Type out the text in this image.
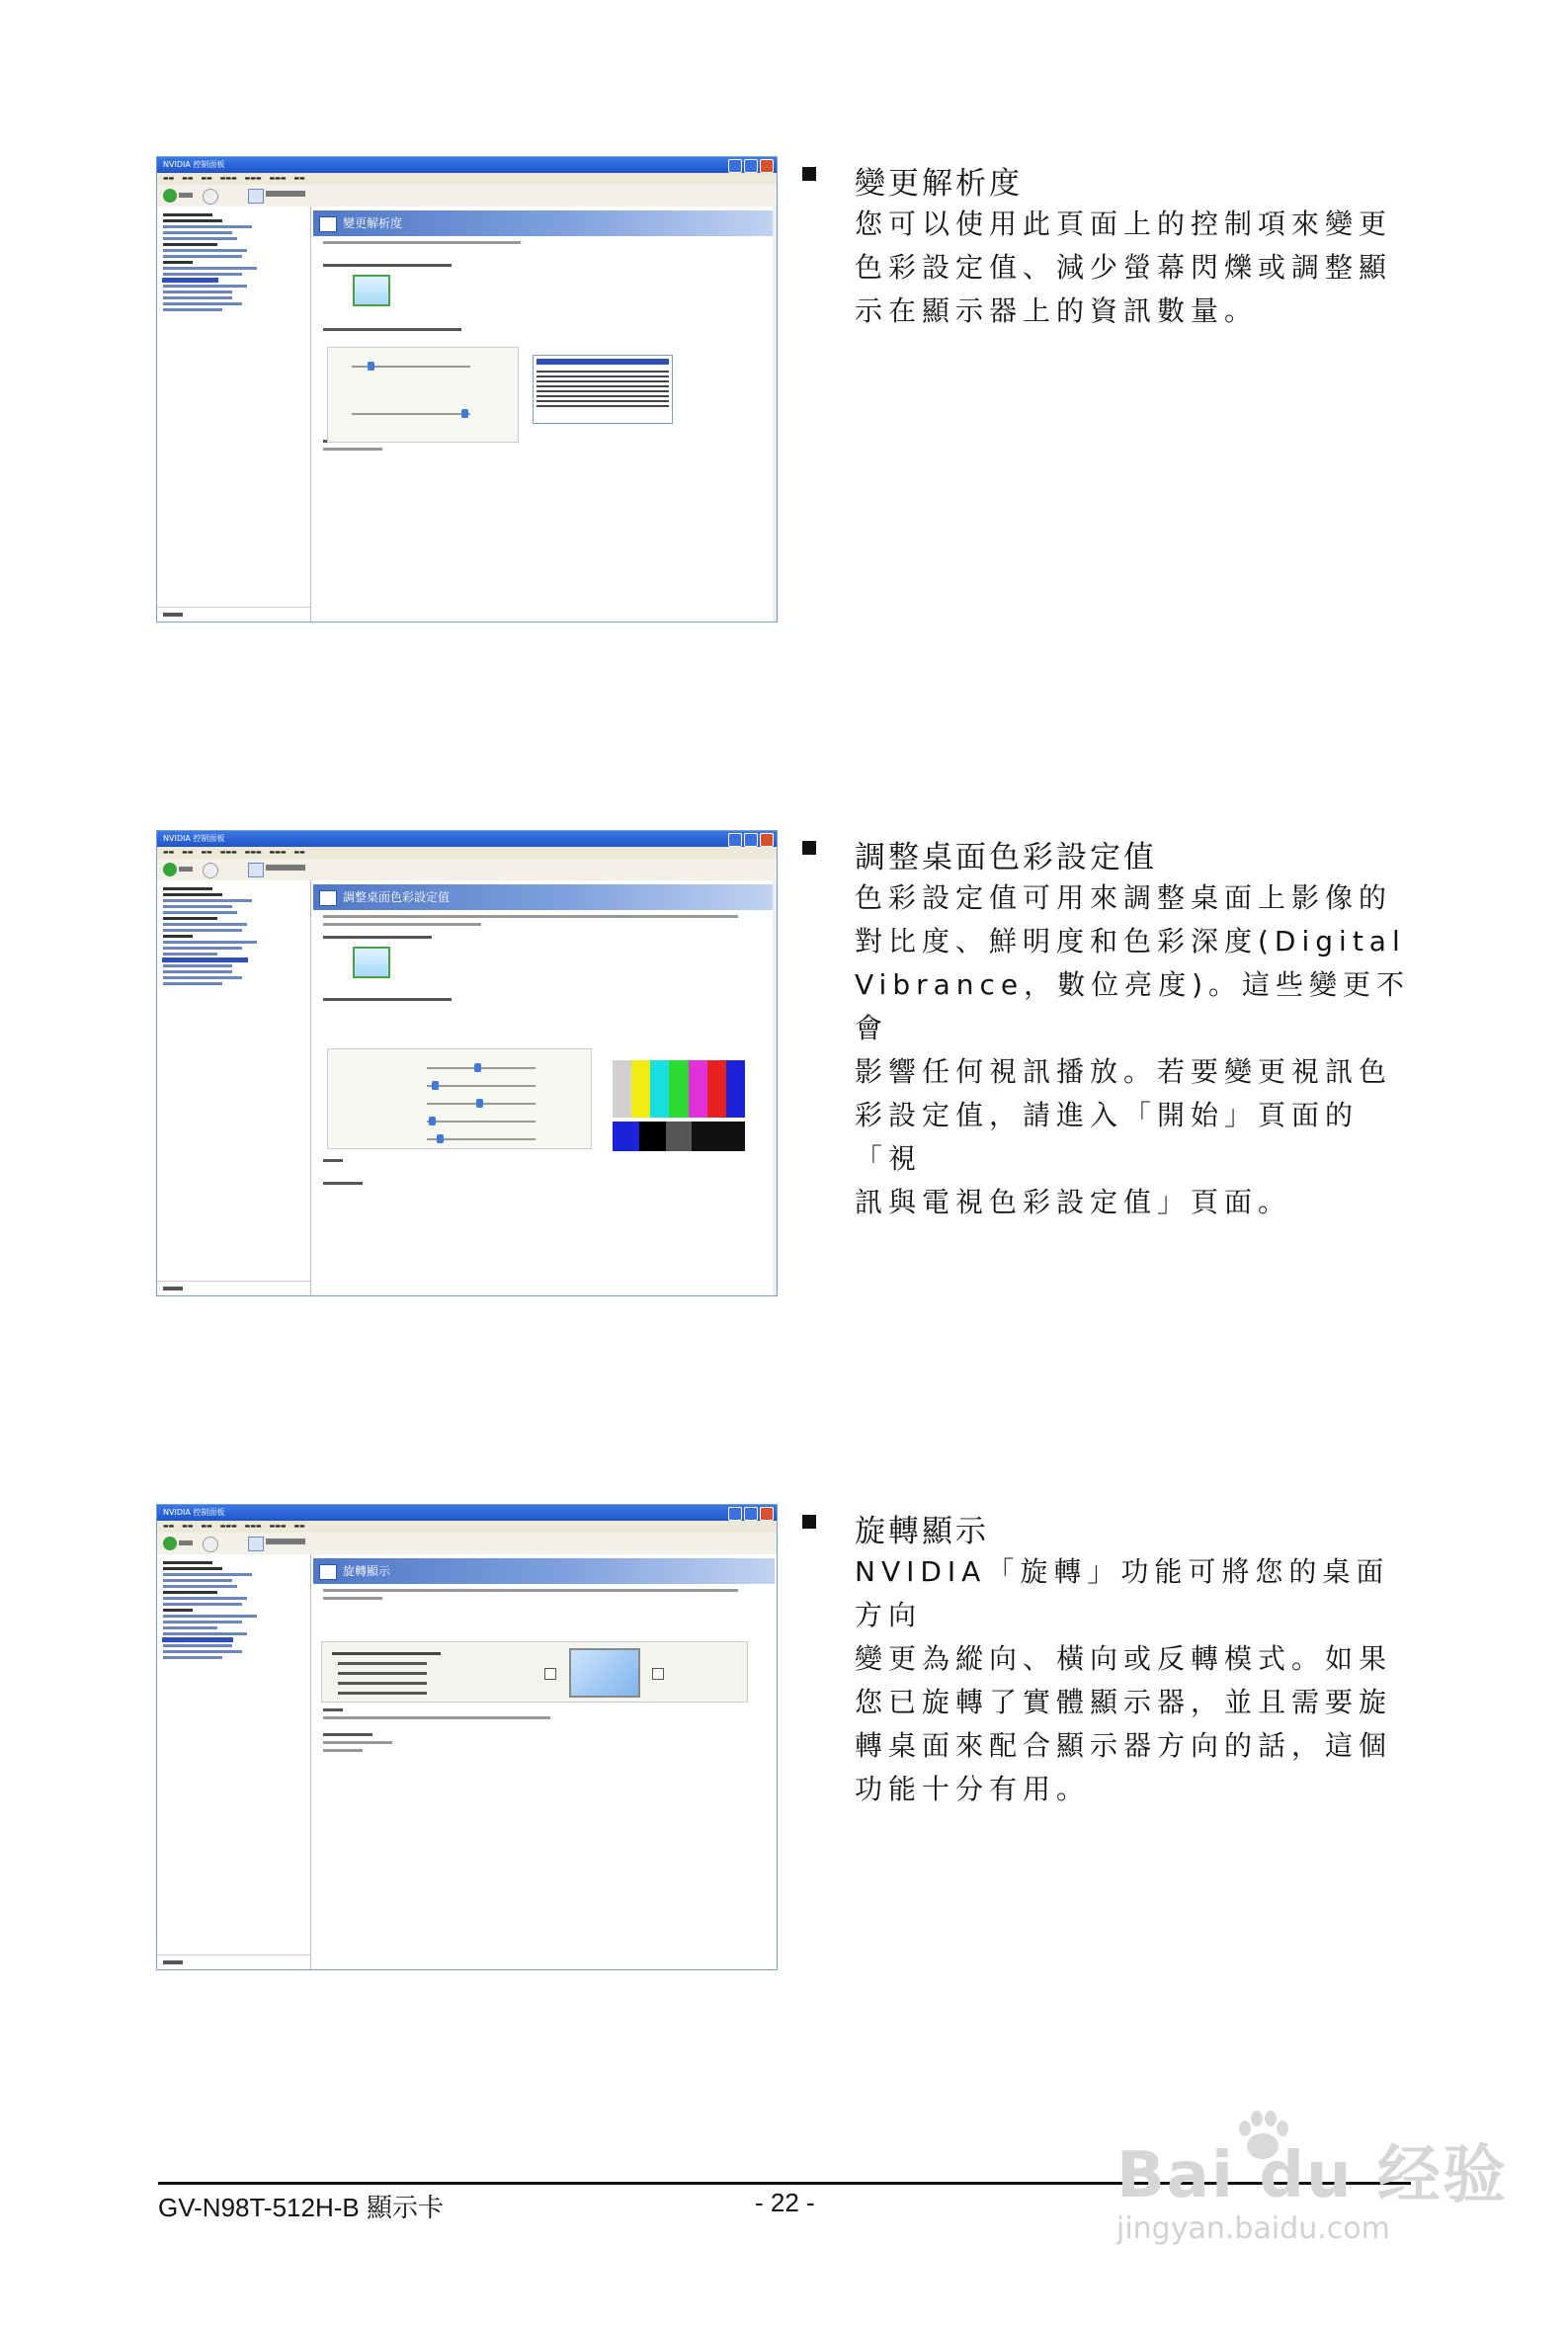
NVIDIA 控制面板
▬▬ ▬▬ ▬▬ ▬▬▬ ▬▬▬ ▬▬▬ ▬▬
變更解析度
變更解析度

您可以使用此頁面上的控制項來變更

色彩設定值、減少螢幕閃爍或調整顯

示在顯示器上的資訊數量。

NVIDIA 控制面板
▬▬ ▬▬ ▬▬ ▬▬▬ ▬▬▬ ▬▬▬ ▬▬
調整桌面色彩設定值
調整桌面色彩設定值

色彩設定值可用來調整桌面上影像的

對比度、鮮明度和色彩深度(Digital

Vibrance，數位亮度)。這些變更不會

影響任何視訊播放。若要變更視訊色

彩設定值，請進入「開始」頁面的「視

訊與電視色彩設定值」頁面。

NVIDIA 控制面板
▬▬ ▬▬ ▬▬ ▬▬▬ ▬▬▬ ▬▬▬ ▬▬
旋轉顯示
旋轉顯示

NVIDIA「旋轉」功能可將您的桌面方向

變更為縱向、橫向或反轉模式。如果

您已旋轉了實體顯示器，並且需要旋

轉桌面來配合顯示器方向的話，這個

功能十分有用。

GV-N98T-512H-B 顯示卡	- 22 -	Bai du 经验
jingyan.baidu.com
